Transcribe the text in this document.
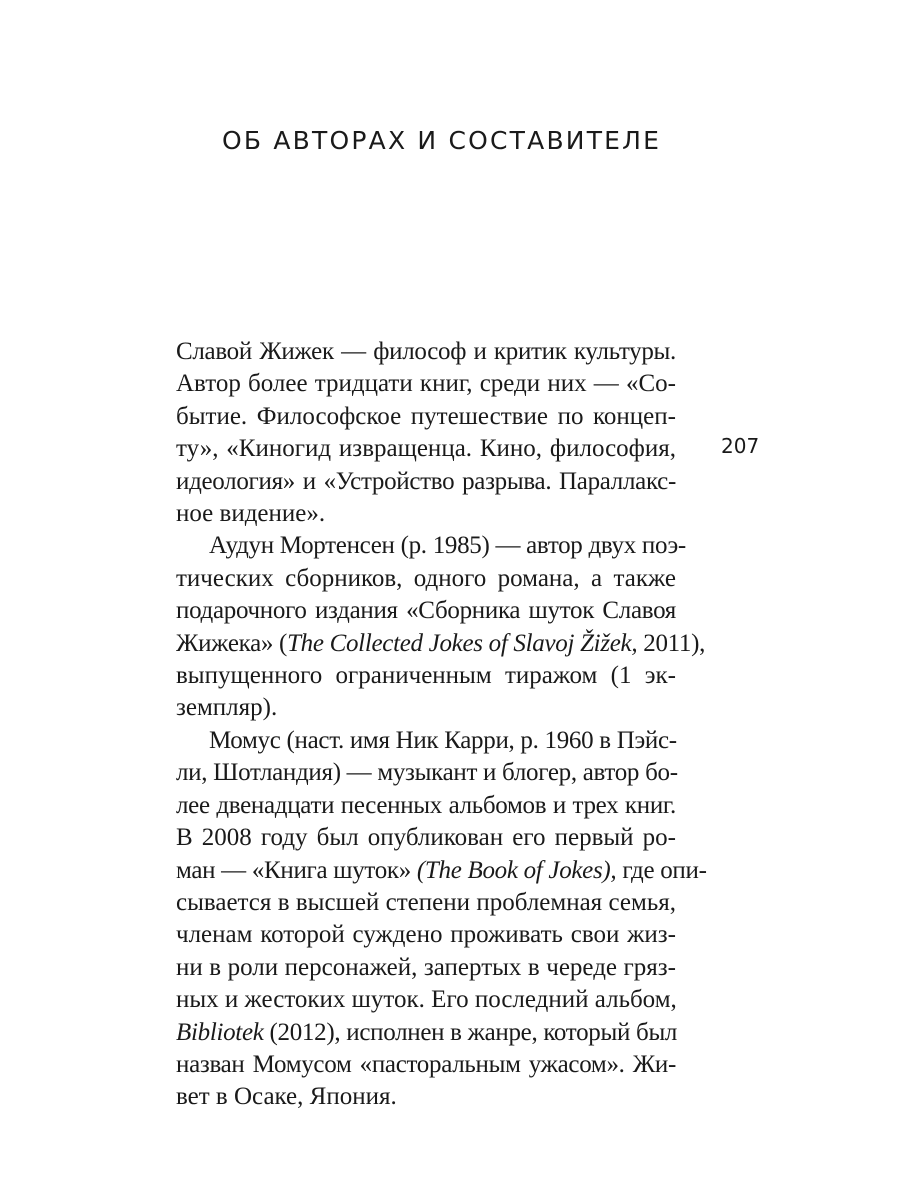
ОБ АВТОРАХ И СОСТАВИТЕЛЕ
207

Славой Жижек — философ и критик культуры.
Автор более тридцати книг, среди них — «Со-
бытие. Философское путешествие по концеп-
ту», «Киногид извращенца. Кино, философия,
идеология» и «Устройство разрыва. Параллакс-
ное видение».

Аудун Мортенсен (р. 1985) — автор двух поэ-
тических сборников, одного романа, а также
подарочного издания «Сборника шуток Славоя
Жижека» (The Collected Jokes of Slavoj Žižek, 2011),
выпущенного ограниченным тиражом (1 эк-
земпляр).

Момус (наст. имя Ник Карри, р. 1960 в Пэйс-
ли, Шотландия) — музыкант и блогер, автор бо-
лее двенадцати песенных альбомов и трех книг.
В 2008 году был опубликован его первый ро-
ман — «Книга шуток» (The Book of Jokes), где опи-
сывается в высшей степени проблемная семья,
членам которой суждено проживать свои жиз-
ни в роли персонажей, запертых в череде гряз-
ных и жестоких шуток. Его последний альбом,
Bibliotek (2012), исполнен в жанре, который был
назван Момусом «пасторальным ужасом». Жи-
вет в Осаке, Япония.
